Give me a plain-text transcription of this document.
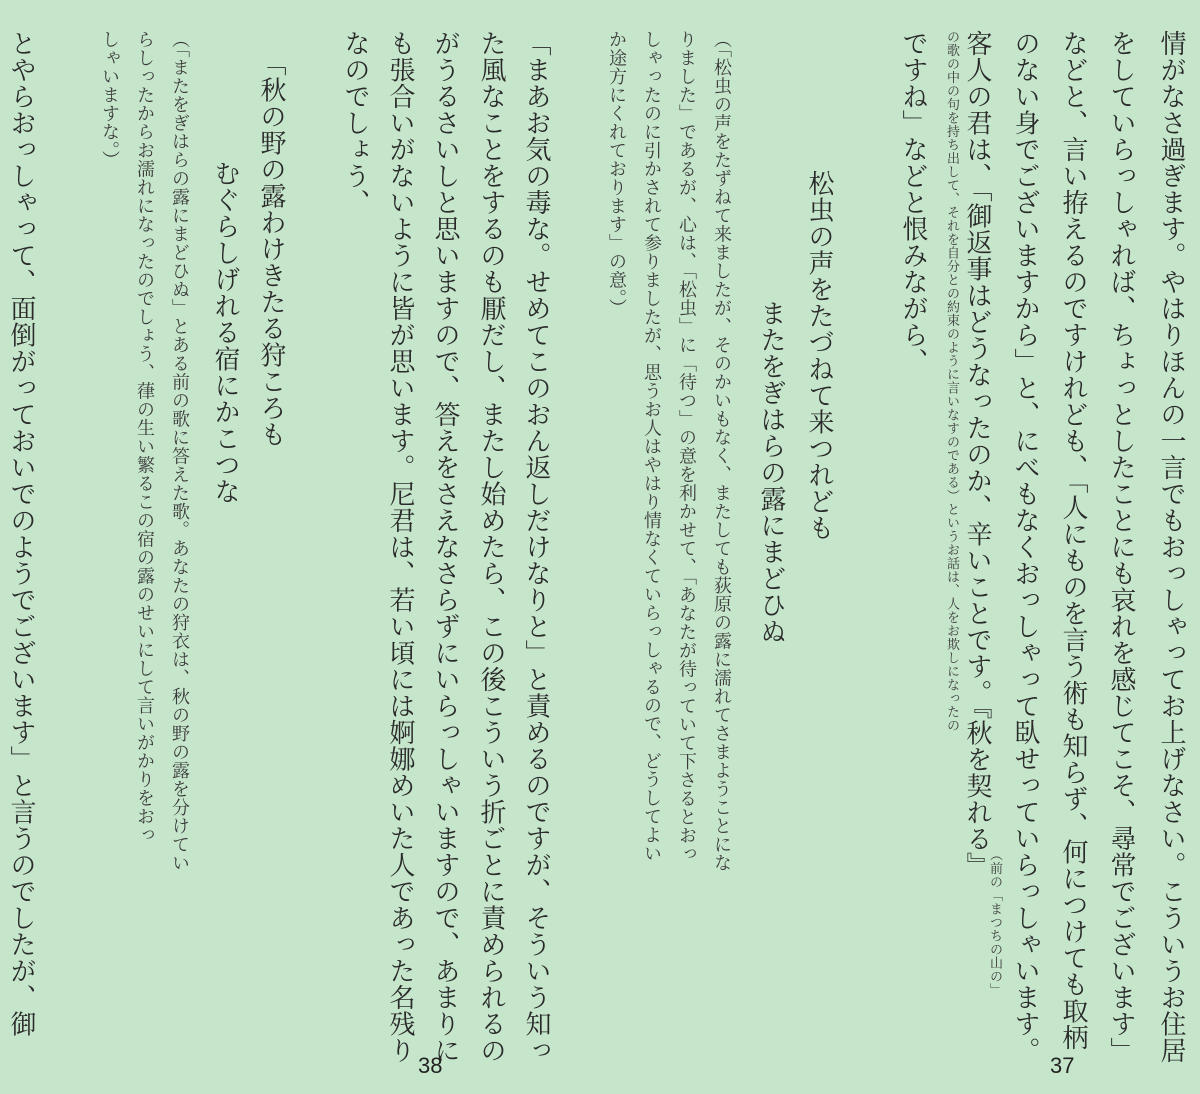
情がなさ過ぎます。やはりほんの一言でもおっしゃってお上げなさい。こういうお住居
をしていらっしゃれば、ちょっとしたことにも哀れを感じてこそ、尋常でございます」
などと、言い拵えるのですけれども、「人にものを言う術も知らず、何につけても取柄
のない身でございますから」と、にべもなくおっしゃって臥せっていらっしゃいます。
客人の君は、「御返事はどうなったのか、辛いことです。『秋を契れる』
（前の「まつちの山の」
の歌の中の句を持ち出して、それを自分との約束のように言いなすのである）というお話は、人をお欺しになったの
ですね」などと恨みながら、
松虫の声をたづねて来つれども
またをぎはらの露にまどひぬ
（「松虫の声をたずねて来ましたが、そのかいもなく、またしても荻原の露に濡れてさまようことにな
りました」であるが、心は、「松虫」に「待つ」の意を利かせて、「あなたが待っていて下さるとおっ
しゃったのに引かされて参りましたが、思うお人はやはり情なくていらっしゃるので、どうしてよい
か途方にくれております」の意。）
37
「まあお気の毒な。せめてこのおん返しだけなりと」と責めるのですが、そういう知っ
た風なことをするのも厭だし、またし始めたら、この後こういう折ごとに責められるの
がうるさいしと思いますので、答えをさえなさらずにいらっしゃいますので、あまりに
も張合いがないように皆が思います。尼君は、若い頃には婀娜めいた人であった名残り
なのでしょう、
「秋の野の露わけきたる狩ころも
むぐらしげれる宿にかこつな
（「またをぎはらの露にまどひぬ」とある前の歌に答えた歌。あなたの狩衣は、秋の野の露を分けてい
らしったからお濡れになったのでしょう、葎の生い繁るこの宿の露のせいにして言いがかりをおっ
しゃいますな。）
とやらおっしゃって、面倒がっておいでのようでございます」と言うのでしたが、御
38
